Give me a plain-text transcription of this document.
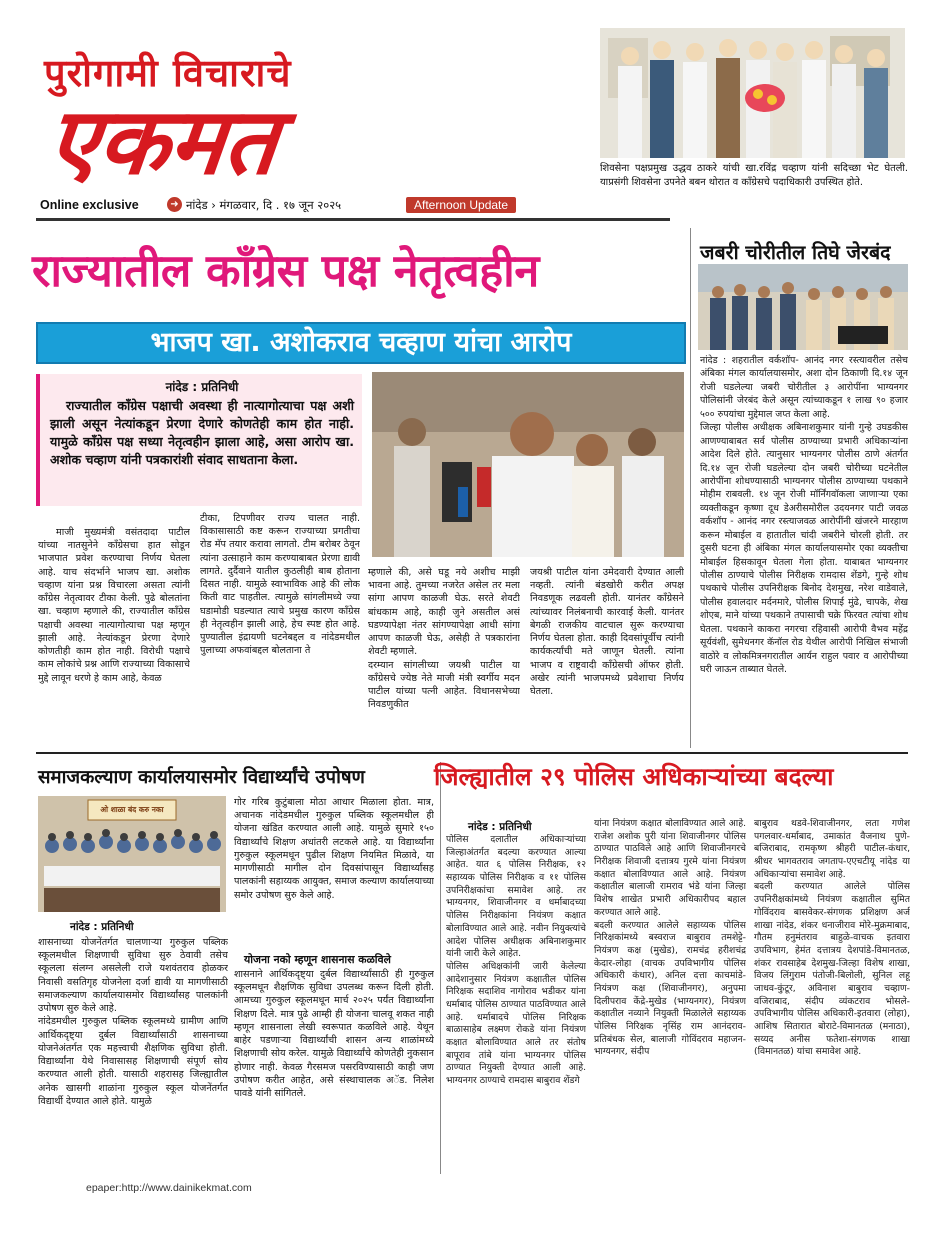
पुरोगामी विचाराचे
एकमत
Online exclusive	➜ नांदेड › मंगळवार, दि . १७ जून २०२५	Afternoon Update
शिवसेना पक्षप्रमुख उद्धव ठाकरे यांची खा.रविंद्र चव्हाण यांनी सदिच्छा भेट घेतली. याप्रसंगी शिवसेना उपनेते बबन थोरात व काँग्रेसचे पदाधिकारी उपस्थित होते.
राज्यातील काँग्रेस पक्ष नेतृत्वहीन
भाजप खा. अशोकराव चव्हाण यांचा आरोप
नांदेड : प्रतिनिधी
राज्यातील काँग्रेस पक्षाची अवस्था ही नात्यागोत्याचा पक्ष अशी झाली असून नेत्यांकडून प्रेरणा देणारे कोणतेही काम होत नाही. यामुळे काँग्रेस पक्ष सध्या नेतृत्वहीन झाला आहे, असा आरोप खा. अशोक चव्हाण यांनी पत्रकारांशी संवाद साधताना केला.
माजी मुख्यमंत्री वसंतदादा पाटील यांच्या नातसुनेने काँग्रेसचा हात सोडून भाजपात प्रवेश करण्याचा निर्णय घेतला आहे. याच संदर्भाने भाजप खा. अशोक चव्हाण यांना प्रश्न विचारला असता त्यांनी काँग्रेस नेतृत्वावर टीका केली. पुढे बोलतांना खा. चव्हाण म्हणाले की, राज्यातील काँग्रेस पक्षाची अवस्था नात्यागोत्याचा पक्ष म्हणून झाली आहे. नेत्यांकडून प्रेरणा देणारे कोणतीही काम होत नाही. विरोधी पक्षाचे काम लोकांचे प्रश्न आणि राज्याच्या विकासाचे मुद्दे लावून धरणे हे काम आहे, केवळ
टीका, टिपणीवर राज्य चालत नाही. विकासासाठी कष्ट करून राज्याच्या प्रगतीचा रोड मॅप तयार करावा लागतो. टीम बरोबर ठेवून त्यांना उत्साहाने काम करण्याबाबत प्रेरणा द्यावी लागते. दुर्दैवाने यातील कुठलीही बाब होताना दिसत नाही. यामुळे स्वाभाविक आहे की लोक किती वाट पाहतील. त्यामुळे सांगलीमध्ये ज्या घडामोडी घडल्यात त्याचे प्रमुख कारण काँग्रेस ही नेतृत्वहीन झाली आहे, हेच स्पष्ट होत आहे. पुण्यातील इंद्रायणी घटनेबद्दल व नांदेडमधील पुलाच्या अफवांबद्दल बोलताना ते
म्हणाले की, असे घडू नये अशीच माझी भावना आहे. तुमच्या नजरेत असेल तर मला सांगा आपण काळजी घेऊ. सरते शेवटी बांधकाम आहे, काही जुने असतील असं घडण्यापेक्षा नंतर सांगण्यापेक्षा आधी सांगा आपण काळजी घेऊ, असेही ते पत्रकारांना शेवटी म्हणाले.
दरम्यान सांगलीच्या जयश्री पाटील या काँग्रेसचे ज्येष्ठ नेते माजी मंत्री स्वर्गीय मदन पाटील यांच्या पत्नी आहेत. विधानसभेच्या निवडणुकीत
जयश्री पाटील यांना उमेदवारी देण्यात आली नव्हती. त्यांनी बंडखोरी करीत अपक्ष निवडणूक लढवली होती. यानंतर काँग्रेसने त्यांच्यावर निलंबनाची कारवाई केली. यानंतर बेगळी राजकीय वाटचाल सुरू करण्याचा निर्णय घेतला होता. काही दिवसांपूर्वीच त्यांनी कार्यकर्त्यांची मते जाणून घेतली. त्यांना भाजप व राष्ट्रवादी काँग्रेसची ऑफर होती. अखेर त्यांनी भाजपमध्ये प्रवेशाचा निर्णय घेतला.
जबरी चोरीतील तिघे जेरबंद
नांदेड : शहरातील वर्कशॉप- आनंद नगर रस्त्यावरील तसेच अंबिका मंगल कार्यालयासमोर, अशा दोन ठिकाणी दि.१४ जून रोजी घडलेल्या जबरी चोरीतील ३ आरोपींना भाग्यनगर पोलिसांनी जेरबंद केले असून त्यांच्याकडून १ लाख ९० हजार ५०० रुपयांचा मुद्देमाल जप्त केला आहे.
जिल्हा पोलीस अधीक्षक अबिनाशकुमार यांनी गुन्हे उघडकीस आणण्याबाबत सर्व पोलीस ठाण्याच्या प्रभारी अधिकाऱ्यांना आदेश दिले होते. त्यानुसार भाग्यनगर पोलीस ठाणे अंतर्गत दि.१४ जून रोजी घडलेल्या दोन जबरी चोरीच्या घटनेतील आरोपींना शोधण्यासाठी भाग्यनगर पोलीस ठाण्याच्या पथकाने मोहीम राबवली. १४ जून रोजी मॉर्निंगवॉकला जाणाऱ्या एका व्यक्तीकडून कृष्णा दूध डेअरीसमोरील उदयनगर पाटी जवळ वर्कशॉप - आनंद नगर रस्त्याजवळ आरोपींनी खंजरने मारहाण करून मोबाईल व हातातील चांदी जबरीने चोरली होती. तर दुसरी घटना ही अंबिका मंगल कार्यालयासमोर एका व्यक्तीचा मोबाईल हिसकावून घेतला गेला होता. याबाबत भाग्यनगर पोलीस ठाण्याचे पोलीस निरीक्षक रामदास शेंडगे, गुन्हे शोध पथकाचे पोलीस उपनिरीक्षक बिनोद देशमुख, नरेश वाडेवाले, पोलीस हवालदार मर्दनमारे, पोलीस शिपाई मुंढे, चापके, शेख शोएब, माने यांच्या पथकाने तपासाची चक्रे फिरवत त्यांचा शोध घेतला. पथकाने काकरा नगरचा रहिवासी आरोपी वैभव महेंद्र सूर्यवंशी, सुमेधनगर कॅनॉल रोड येथील आरोपी निखिल संभाजी वाठोरे व लोकमित्रनगरातील आर्यन राहुल पवार व आरोपीच्या घरी जाऊन ताब्यात घेतले.
समाजकल्याण कार्यालयासमोर विद्यार्थ्यांचे उपोषण
ओ शाळा बंद करु नका
नांदेड : प्रतिनिधी
शासनाच्या योजनेंतर्गत चालणाऱ्या गुरुकुल पब्लिक स्कूलमधील शिक्षणाची सुविधा सुरु ठेवावी तसेच स्कूलला संलग्न असलेली राजे यशवंतराव होळकर निवासी वसतिगृह योजनेला दर्जा द्यावी या मागणीसाठी समाजकल्याण कार्यालयासमोर विद्यार्थ्यांसह पालकांनी उपोषण सुरु केले आहे.
नांदेडमधील गुरुकुल पब्लिक स्कूलमध्ये ग्रामीण आणि आर्थिकदृष्ट्या दुर्बल विद्यार्थ्यांसाठी शासनाच्या योजनेअंतर्गत एक महत्त्वाची शैक्षणिक सुविधा होती. विद्यार्थ्यांना येथे निवासासह शिक्षणाची संपूर्ण सोय करण्यात आली होती. यासाठी शहरासह जिल्ह्यातील अनेक खासगी शाळांना गुरुकुल स्कूल योजनेंतर्गत विद्यार्थी देण्यात आले होते. यामुळे
गोर गरिब कुटुंबाला मोठा आधार मिळाला होता. मात्र, अचानक नांदेडमधील गुरुकुल पब्लिक स्कूलमधील ही योजना खंडित करण्यात आली आहे. यामुळे सुमारे १५० विद्यार्थ्यांचे शिक्षण अधांतरी लटकले आहे. या विद्यार्थ्यांना गुरुकुल स्कूलमधून पुढील शिक्षण नियमित मिळावे, या मागणीसाठी मागील दोन दिवसांपासून विद्यार्थ्यांसह पालकांनी सहाय्यक आयुक्त, समाज कल्याण कार्यालयाच्या समोर उपोषण सुरु केले आहे.
योजना नको म्हणून शासनास कळविले
शासनाने आर्थिकदृष्ट्या दुर्बल विद्यार्थ्यांसाठी ही गुरुकुल स्कूलमधून शैक्षणिक सुविधा उपलब्ध करून दिली होती. आमच्या गुरुकुल स्कूलमधून मार्च २०२५ पर्यंत विद्यार्थ्यांना शिक्षण दिले. मात्र पुढे आम्ही ही योजना चालवू शकत नाही म्हणून शासनाला लेखी स्वरूपात कळविले आहे. येथून बाहेर पडणाऱ्या विद्यार्थ्यांची शासन अन्य शाळांमध्ये शिक्षणाची सोय करेल. यामुळे विद्यार्थ्यांचे कोणतेही नुकसान होणार नाही. केवळ गैरसमज पसरविण्यासाठी काही जण उपोषण करीत आहेत, असे संस्थाचालक अॅड. निलेश पावडे यांनी सांगितले.
जिल्ह्यातील २९ पोलिस अधिकाऱ्यांच्या बदल्या
नांदेड : प्रतिनिधी
पोलिस दलातील अधिकाऱ्यांच्या जिल्हाअंतर्गत बदल्या करण्यात आल्या आहेत. यात ६ पोलिस निरीक्षक, १२ सहाय्यक पोलिस निरीक्षक व ११ पोलिस उपनिरीक्षकांचा समावेश आहे. तर भाग्यनगर, शिवाजीनगर व धर्माबादच्या पोलिस निरीक्षकांना नियंत्रण कक्षात बोलाविण्यात आले आहे. नवीन नियुक्त्यांचे आदेश पोलिस अधीक्षक अबिनाशकुमार यांनी जारी केले आहेत.
पोलिस अधिक्षकांनी जारी केलेल्या आदेशानुसार नियंत्रण कक्षातील पोलिस निरिक्षक सदाशिव नागोराव भडीकर यांना धर्माबाद पोलिस ठाण्यात पाठविण्यात आले आहे. धर्माबादचे पोलिस निरिक्षक बाळासाहेब लक्ष्मण रोकडे यांना नियंत्रण कक्षात बोलाविण्यात आले तर संतोष बापूराव तांबे यांना भाग्यनगर पोलिस ठाण्यात नियुक्ती देण्यात आली आहे. भाग्यनगर ठाण्याचे रामदास बाबुराव शेंडगे
यांना नियंत्रण कक्षात बोलाविण्यात आले आहे. राजेश अशोक पुरी यांना शिवाजीनगर पोलिस ठाण्यात पाठविले आहे आणि शिवाजीनगरचे निरीक्षक शिवाजी दत्तात्रय गुरमे यांना नियंत्रण कक्षात बोलाविण्यात आले आहे. नियंत्रण कक्षातील बालाजी रामराव भंडे यांना जिल्हा विशेष शाखेत प्रभारी अधिकारीपद बहाल करण्यात आले आहे.
बदली करण्यात आलेले सहाय्यक पोलिस निरिक्षकांमध्ये बस्वराज बाबुराव तमशेट्टे-नियंत्रण कक्ष (मुखेड), रामचंद्र हरीशचंद्र केदार-लोहा (वाचक उपविभागीय पोलिस अधिकारी कंधार), अनिल दत्ता काचमांडे-नियंत्रण कक्ष (शिवाजीनगर), अनुपमा दिलीपराव केंद्रे-मुखेड (भाग्यनगर), नियंत्रण कक्षातील नव्याने नियुक्ती मिळालेले सहाय्यक पोलिस निरिक्षक नृसिंह राम आनंदराव-प्रतिबंधक सेल, बालाजी गोविंदराव महाजन-भाग्यनगर, संदीप
बाबुराव थडवे-शिवाजीनगर, लता गणेश पगलवार-धर्माबाद, उमाकांत वैजनाथ पुणे-बजिराबाद, रामकृष्ण श्रीहरी पाटील-कंधार, श्रीधर भागवतराव जगताप-एएचटीयू नांदेड या अधिकाऱ्यांचा समावेश आहे.
बदली करण्यात आलेले पोलिस उपनिरीक्षकांमध्ये नियंत्रण कक्षातील सुमित गोविंदराव बासवेकर-संगणक प्रशिक्षण अर्ज शाखा नांदेड, शंकर धनाजीराव मोरे-मुक्रमाबाद, गौतम हनुमंतराव बाहुळे-वाचक इतवारा उपविभाग, हेमंत दत्तात्रय देशपांडे-विमानतळ, शंकर रावसाहेब देशमुख-जिल्हा विशेष शाखा, विजय लिंगुराम पंतोजी-बिलोली, सुनिल लहू जाधव-कुंटूर, अविनाश बाबुराव चव्हाण-वजिराबाद, संदीप व्यंकटराव भोसले-उपविभागीय पोलिस अधिकारी-इतवारा (लोहा), आशिष सितारात बोराटे-विमानतळ (मनाठा), सय्यद अनीस फतेशा-संगणक शाखा (विमानतळ) यांचा समावेश आहे.
epaper:http://www.dainikekmat.com
